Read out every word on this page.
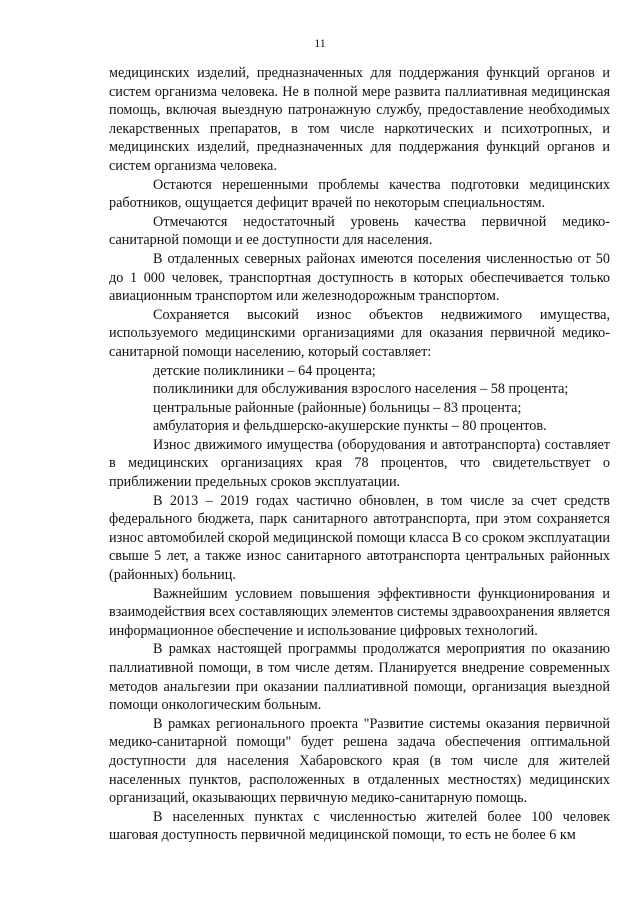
11

медицинских изделий, предназначенных для поддержания функций органов и систем организма человека. Не в полной мере развита паллиативная медицинская помощь, включая выездную патронажную службу, предоставление необходимых лекарственных препаратов, в том числе наркотических и психотропных, и медицинских изделий, предназначенных для поддержания функций органов и систем организма человека.

Остаются нерешенными проблемы качества подготовки медицинских работников, ощущается дефицит врачей по некоторым специальностям.

Отмечаются недостаточный уровень качества первичной медико-санитарной помощи и ее доступности для населения.

В отдаленных северных районах имеются поселения численностью от 50 до 1 000 человек, транспортная доступность в которых обеспечивается только авиационным транспортом или железнодорожным транспортом.

Сохраняется высокий износ объектов недвижимого имущества, используемого медицинскими организациями для оказания первичной медико-санитарной помощи населению, который составляет:

детские поликлиники – 64 процента;

поликлиники для обслуживания взрослого населения – 58 процента;

центральные районные (районные) больницы – 83 процента;

амбулатория и фельдшерско-акушерские пункты – 80 процентов.

Износ движимого имущества (оборудования и автотранспорта) составляет в медицинских организациях края 78 процентов, что свидетельствует о приближении предельных сроков эксплуатации.

В 2013 – 2019 годах частично обновлен, в том числе за счет средств федерального бюджета, парк санитарного автотранспорта, при этом сохраняется износ автомобилей скорой медицинской помощи класса В со сроком эксплуатации свыше 5 лет, а также износ санитарного автотранспорта центральных районных (районных) больниц.

Важнейшим условием повышения эффективности функционирования и взаимодействия всех составляющих элементов системы здравоохранения является информационное обеспечение и использование цифровых технологий.

В рамках настоящей программы продолжатся мероприятия по оказанию паллиативной помощи, в том числе детям. Планируется внедрение современных методов анальгезии при оказании паллиативной помощи, организация выездной помощи онкологическим больным.

В рамках регионального проекта "Развитие системы оказания первичной медико-санитарной помощи" будет решена задача обеспечения оптимальной доступности для населения Хабаровского края (в том числе для жителей населенных пунктов, расположенных в отдаленных местностях) медицинских организаций, оказывающих первичную медико-санитарную помощь.

В населенных пунктах с численностью жителей более 100 человек шаговая доступность первичной медицинской помощи, то есть не более 6 км
